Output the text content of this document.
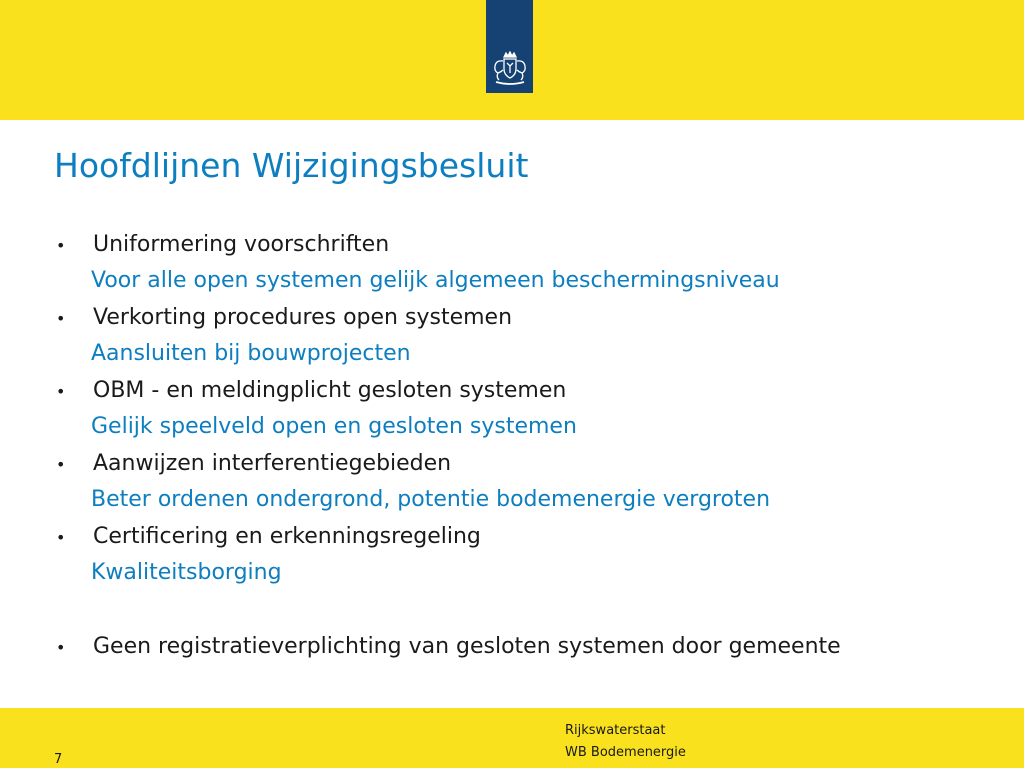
Hoofdlijnen Wijzigingsbesluit
•	Uniformering voorschriften
Voor alle open systemen gelijk algemeen beschermingsniveau
•	Verkorting procedures open systemen
Aansluiten bij bouwprojecten
•	OBM - en meldingplicht gesloten systemen
Gelijk speelveld open en gesloten systemen
•	Aanwijzen interferentiegebieden
Beter ordenen ondergrond, potentie bodemenergie vergroten
•	Certificering en erkenningsregeling
Kwaliteitsborging
•	Geen registratieverplichting van gesloten systemen door gemeente
7
Rijkswaterstaat
WB Bodemenergie
